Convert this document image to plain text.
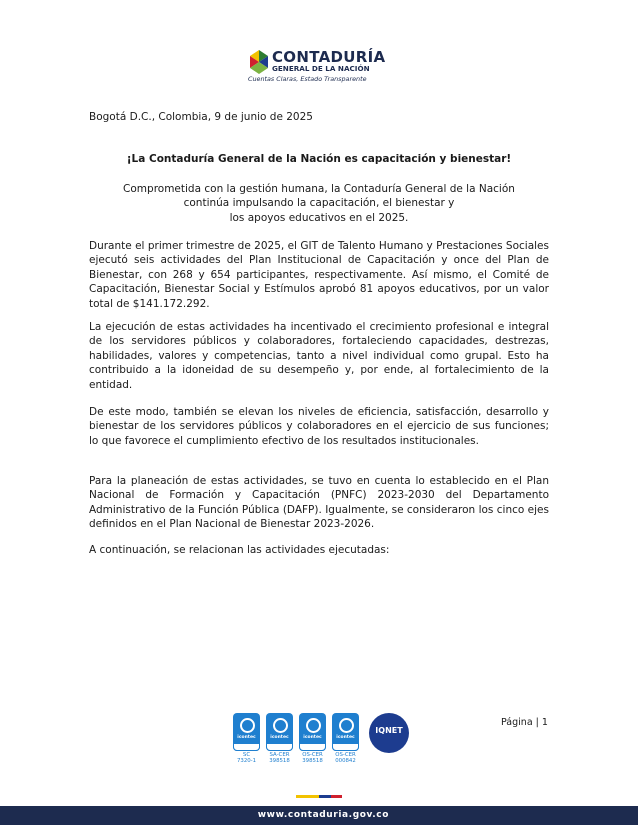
CONTADURÍA
GENERAL DE LA NACIÓN
Cuentas Claras, Estado Transparente
Bogotá D.C., Colombia, 9 de junio de 2025
¡La Contaduría General de la Nación es capacitación y bienestar!
Comprometida con la gestión humana, la Contaduría General de la Nación
continúa impulsando la capacitación, el bienestar y
los apoyos educativos en el 2025.
Durante el primer trimestre de 2025, el GIT de Talento Humano y Prestaciones Sociales ejecutó seis actividades del Plan Institucional de Capacitación y once del Plan de Bienestar, con 268 y 654 participantes, respectivamente. Así mismo, el Comité de Capacitación, Bienestar Social y Estímulos aprobó 81 apoyos educativos, por un valor total de $141.172.292.
La ejecución de estas actividades ha incentivado el crecimiento profesional e integral de los servidores públicos y colaboradores, fortaleciendo capacidades, destrezas, habilidades, valores y competencias, tanto a nivel individual como grupal. Esto ha contribuido a la idoneidad de su desempeño y, por ende, al fortalecimiento de la entidad.
De este modo, también se elevan los niveles de eficiencia, satisfacción, desarrollo y bienestar de los servidores públicos y colaboradores en el ejercicio de sus funciones; lo que favorece el cumplimiento efectivo de los resultados institucionales.
Para la planeación de estas actividades, se tuvo en cuenta lo establecido en el Plan Nacional de Formación y Capacitación (PNFC) 2023-2030 del Departamento Administrativo de la Función Pública (DAFP). Igualmente, se consideraron los cinco ejes definidos en el Plan Nacional de Bienestar 2023-2026.
A continuación, se relacionan las actividades ejecutadas:
Página | 1
icontec
SC
7320-1
icontec
SA-CER
398518
icontec
OS-CER
398518
icontec
OS-CER
000842
IQNET
www.contaduria.gov.co
